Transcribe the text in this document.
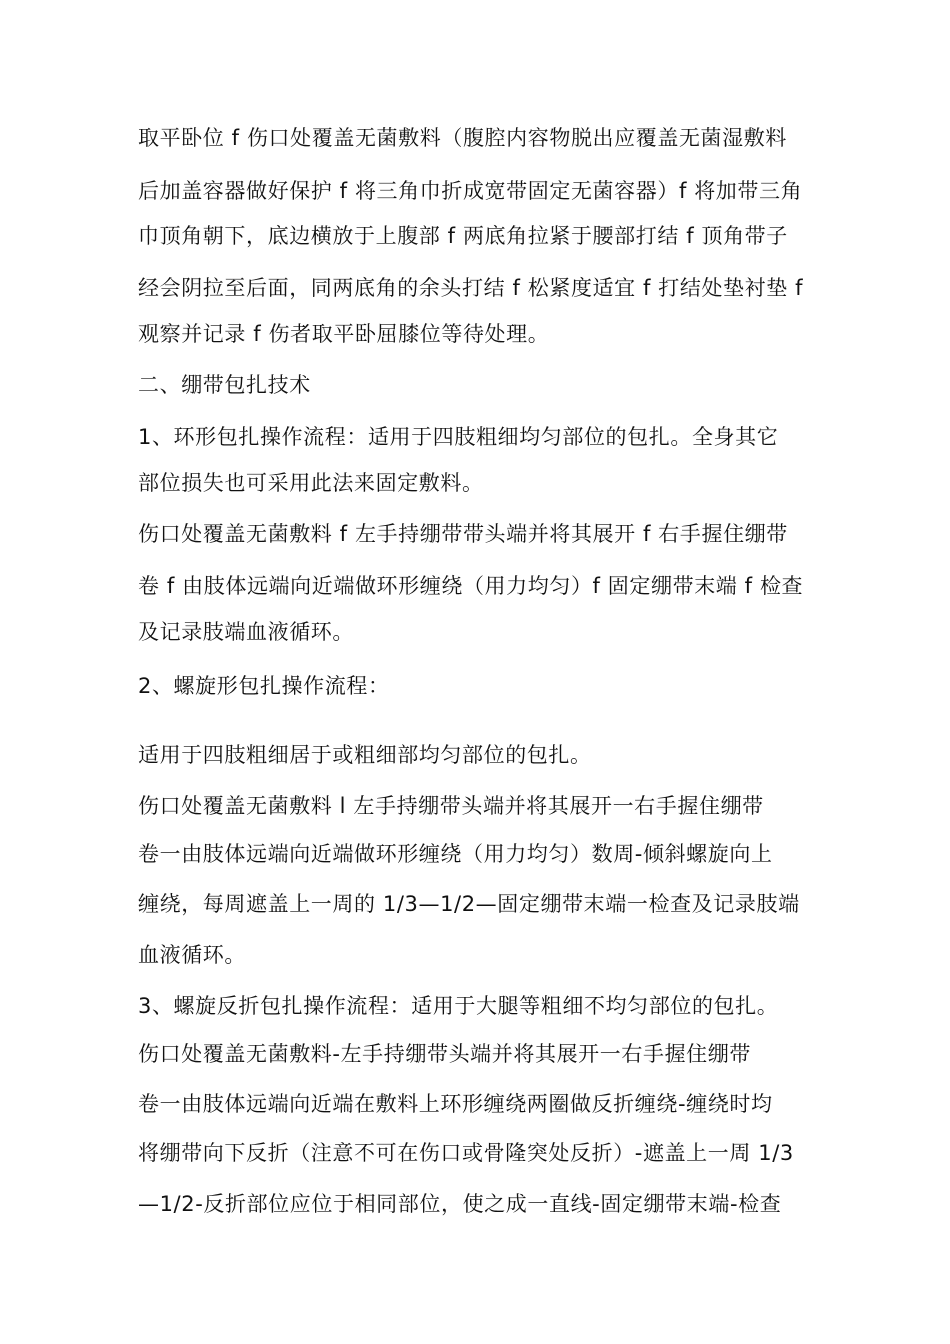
取平卧位 f 伤口处覆盖无菌敷料（腹腔内容物脱出应覆盖无菌湿敷料
后加盖容器做好保护 f 将三角巾折成宽带固定无菌容器）f 将加带三角
巾顶角朝下，底边横放于上腹部 f 两底角拉紧于腰部打结 f 顶角带子
经会阴拉至后面，同两底角的余头打结 f 松紧度适宜 f 打结处垫衬垫 f
观察并记录 f 伤者取平卧屈膝位等待处理。
二、绷带包扎技术
1、环形包扎操作流程：适用于四肢粗细均匀部位的包扎。全身其它
部位损失也可采用此法来固定敷料。
伤口处覆盖无菌敷料 f 左手持绷带带头端并将其展开 f 右手握住绷带
卷 f 由肢体远端向近端做环形缠绕（用力均匀）f 固定绷带末端 f 检查
及记录肢端血液循环。
2、螺旋形包扎操作流程：
适用于四肢粗细居于或粗细部均匀部位的包扎。
伤口处覆盖无菌敷料 l 左手持绷带头端并将其展开一右手握住绷带
卷一由肢体远端向近端做环形缠绕（用力均匀）数周-倾斜螺旋向上
缠绕，每周遮盖上一周的 1/3—1/2—固定绷带末端一检查及记录肢端
血液循环。
3、螺旋反折包扎操作流程：适用于大腿等粗细不均匀部位的包扎。
伤口处覆盖无菌敷料-左手持绷带头端并将其展开一右手握住绷带
卷一由肢体远端向近端在敷料上环形缠绕两圈做反折缠绕-缠绕时均
将绷带向下反折（注意不可在伤口或骨隆突处反折）-遮盖上一周 1/3
—1/2-反折部位应位于相同部位，使之成一直线-固定绷带末端-检查
